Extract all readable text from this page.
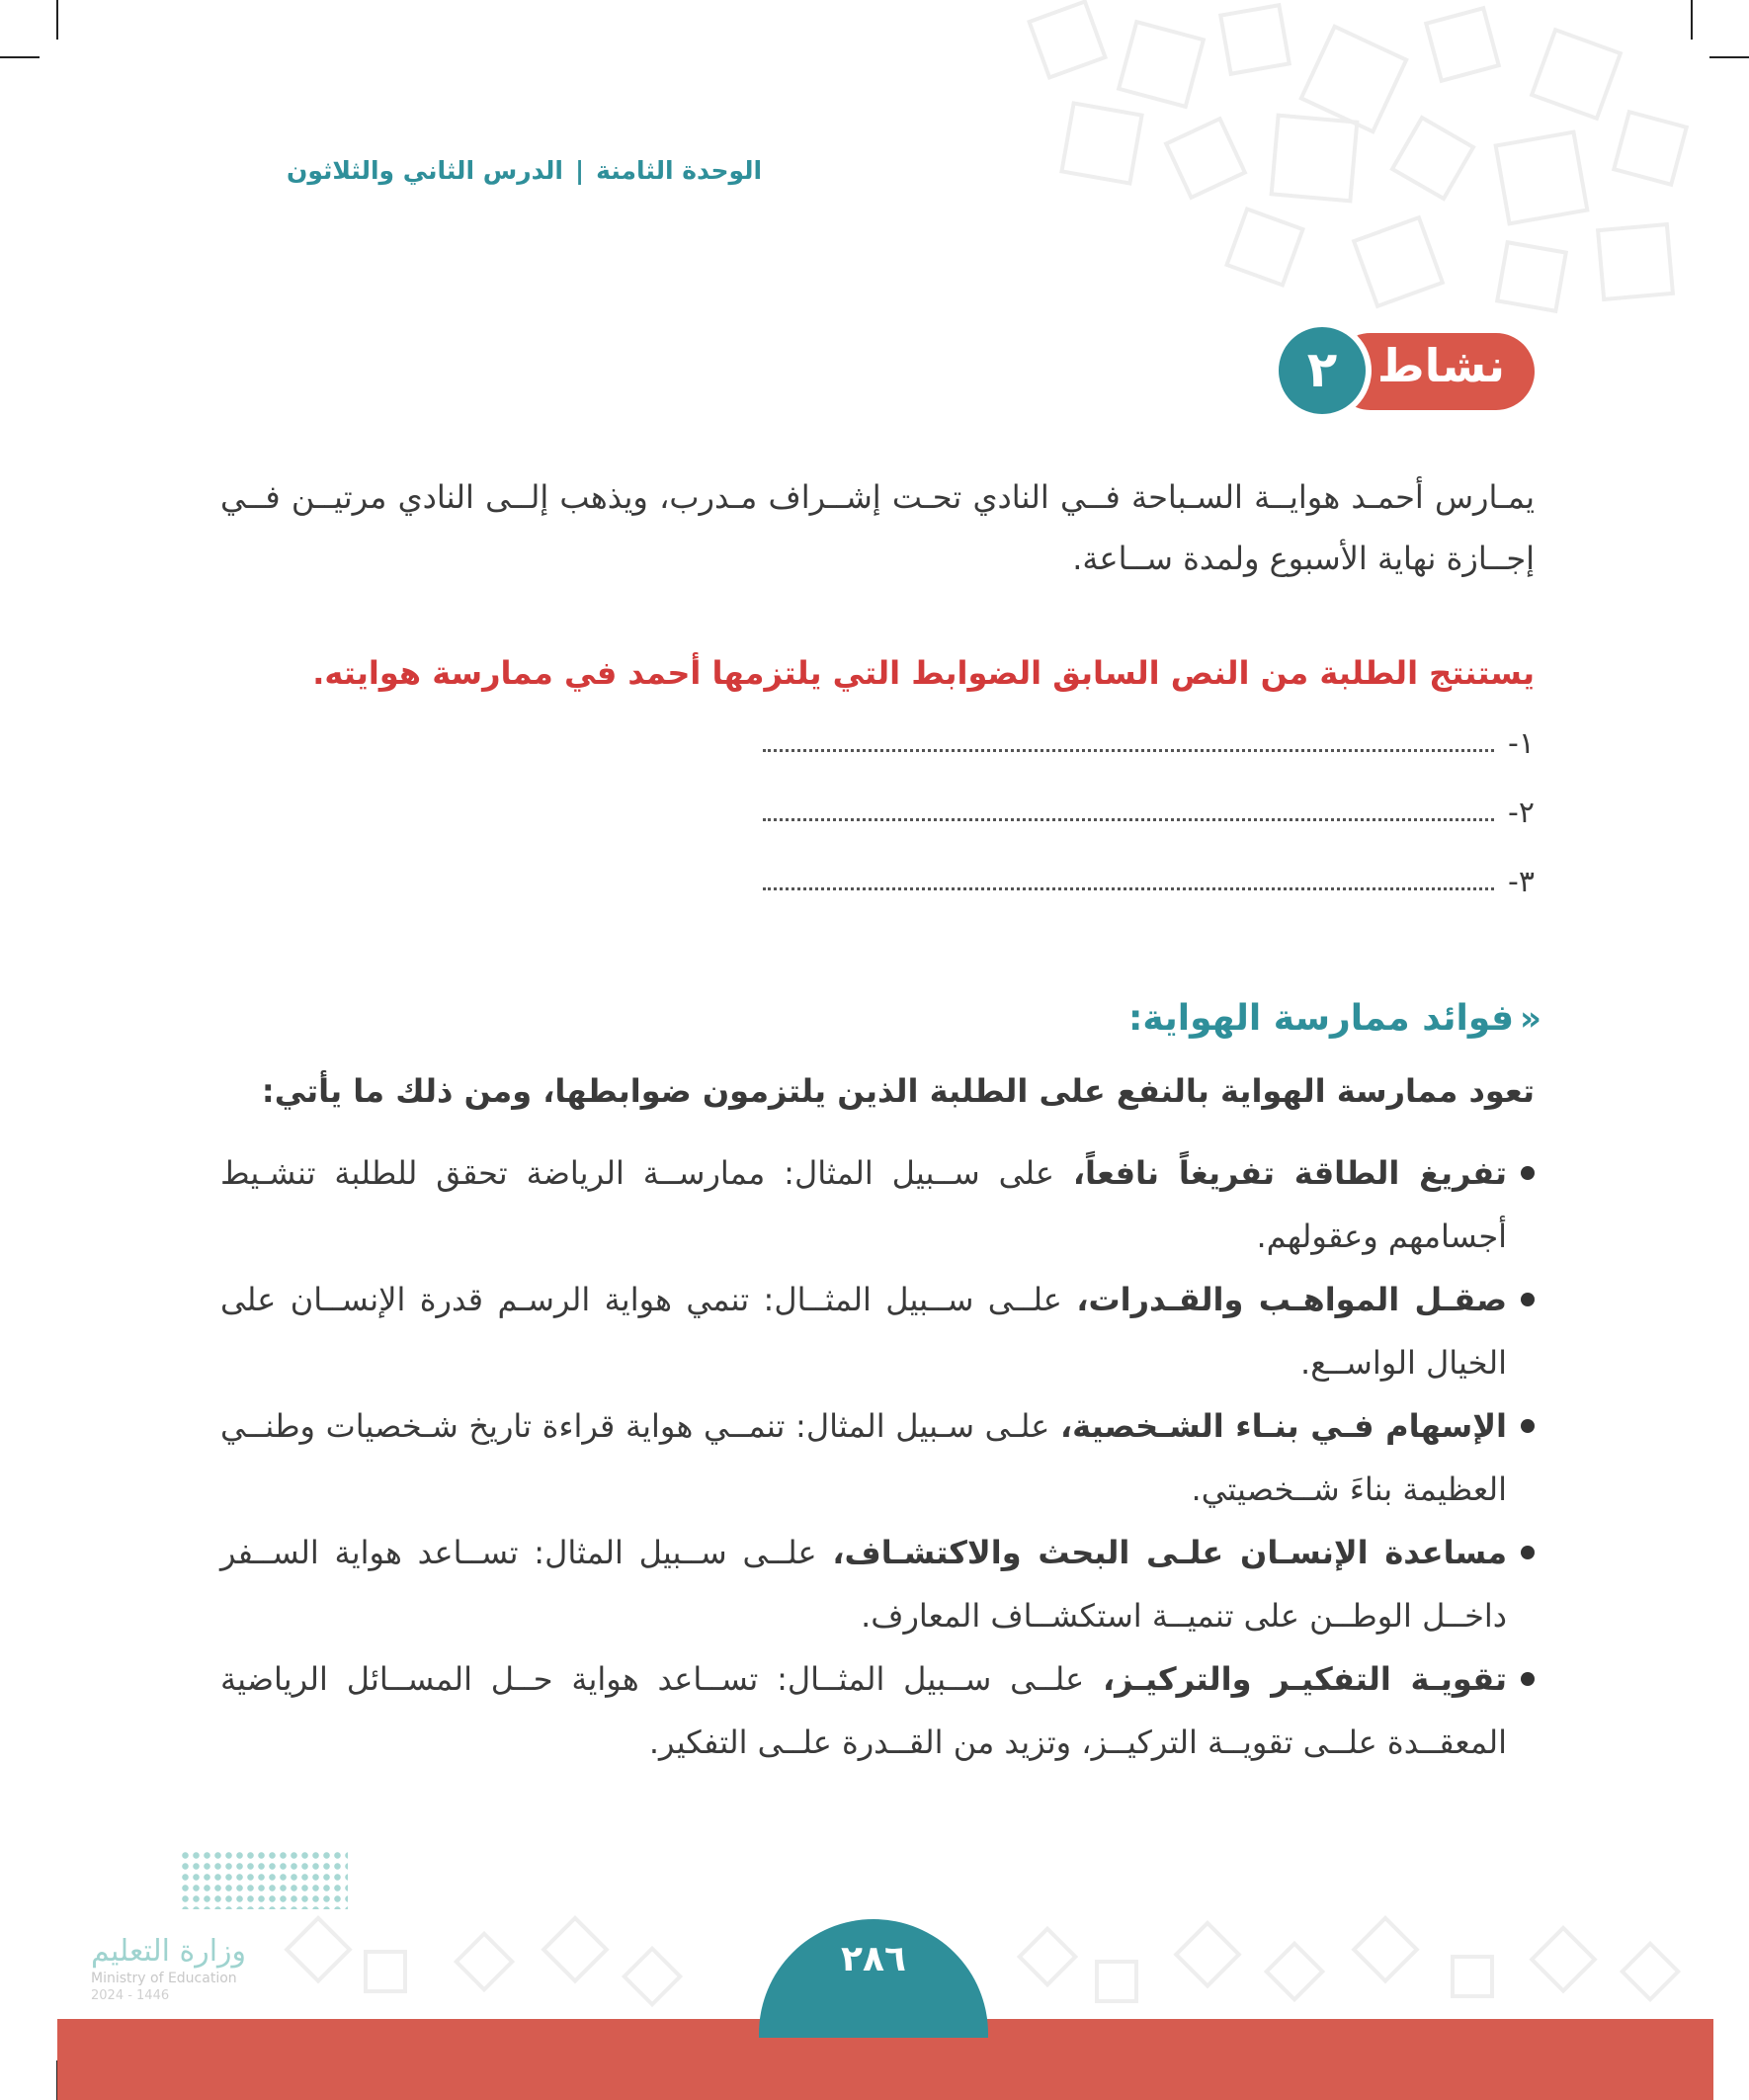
الوحدة الثامنة|الدرس الثاني والثلاثون
نشاط
٢
يمـارس أحمـد هوايــة السـباحة فــي النادي تحـت إشــراف مـدرب، ويذهب إلــى النادي مرتيــن فــي إجــازة نهاية الأسبوع ولمدة ســاعة.
يستنتج الطلبة من النص السابق الضوابط التي يلتزمها أحمد في ممارسة هوايته.
١-
٢-
٣-
«فوائد ممارسة الهواية:
تعود ممارسة الهواية بالنفع على الطلبة الذين يلتزمون ضوابطها، ومن ذلك ما يأتي:
تفريغ الطاقة تفريغاً نافعاً، على ســبيل المثال: ممارســة الرياضة تحقق للطلبة تنشـيط أجسامهم وعقولهم.
صقـل المواهـب والقـدرات، علــى ســبيل المثــال: تنمي هواية الرسـم قدرة الإنســان على الخيال الواســع.
الإسهام فـي بنـاء الشـخصية، علـى سـبيل المثال: تنمــي هواية قراءة تاريخ شـخصيات وطنــي العظيمة بناءَ شــخصيتي.
مساعدة الإنسـان علـى البحث والاكتشـاف، علــى ســبيل المثال: تســاعد هواية الســفر داخــل الوطــن على تنميــة استكشــاف المعارف.
تقويـة التفكيـر والتركيـز، علــى ســبيل المثــال: تســاعد هواية حــل المســائل الرياضية المعقــدة علــى تقويــة التركيــز، وتزيد من القــدرة علــى التفكير.
وزارة التعليم
Ministry of Education
2024 - 1446
٢٨٦
